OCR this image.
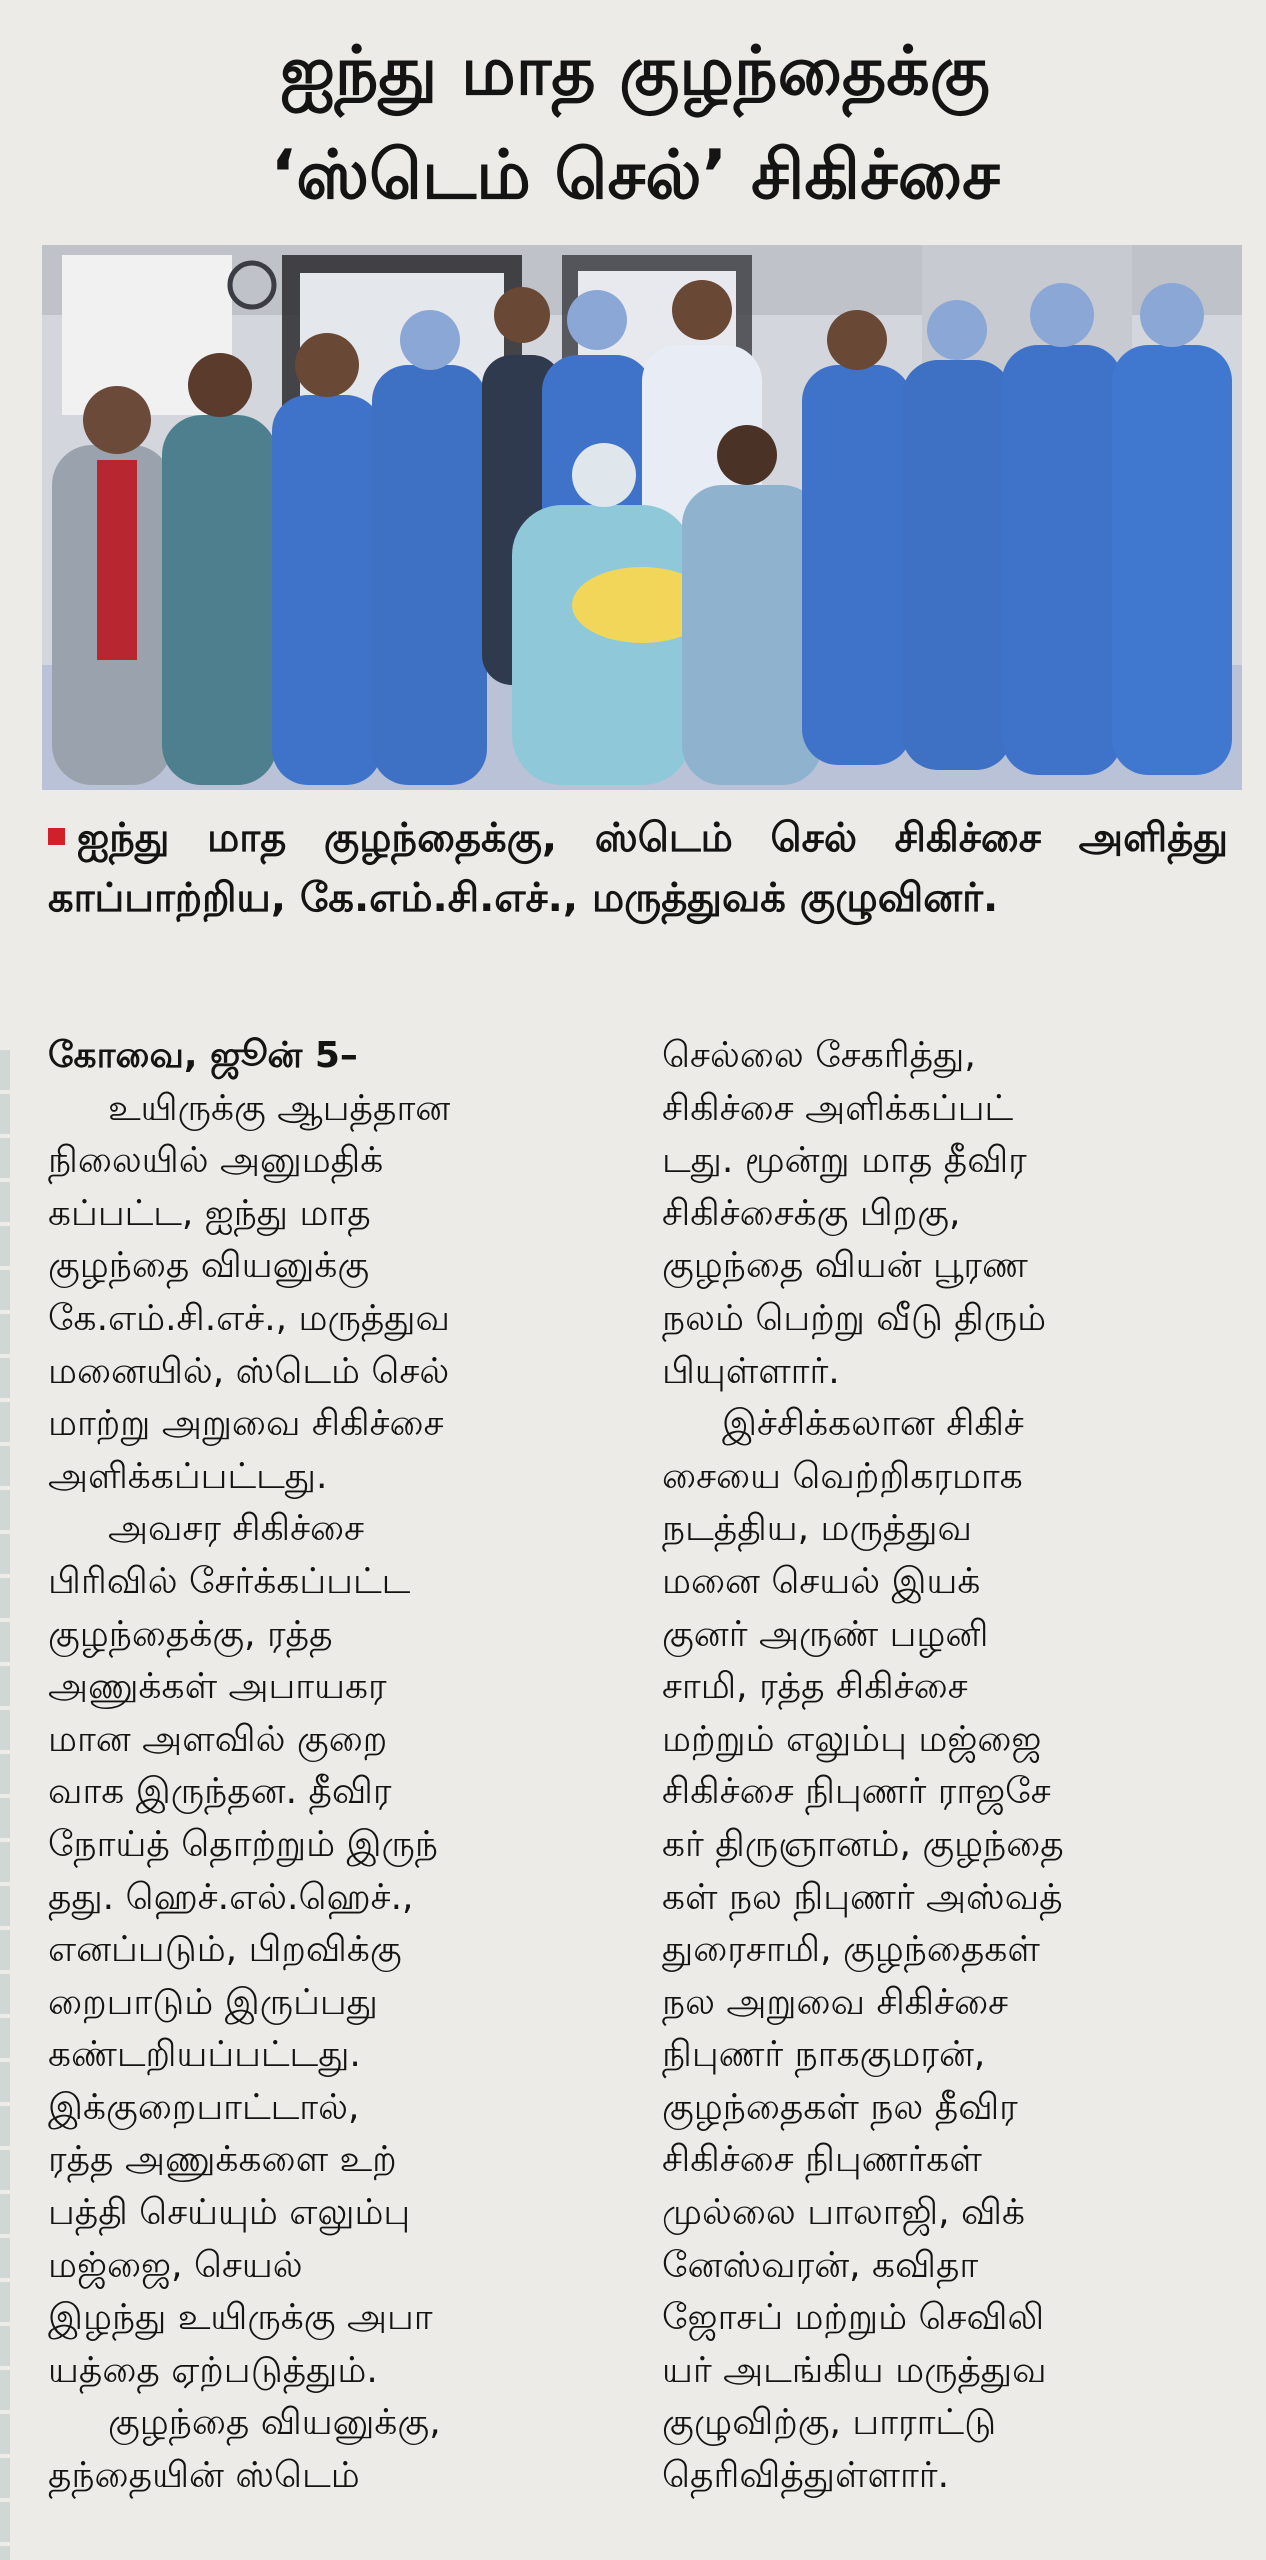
ஐந்து மாத குழந்தைக்கு
‘ஸ்டெம் செல்’ சிகிச்சை
ஐந்து மாத குழந்தைக்கு, ஸ்டெம் செல் சிகிச்சை அளித்து காப்பாற்றிய, கே.எம்.சி.எச்., மருத்துவக் குழுவினர்.
கோவை, ஜூன் 5–
உயிருக்கு ஆபத்தான
நிலையில் அனுமதிக்
கப்பட்ட, ஐந்து மாத
குழந்தை வியனுக்கு
கே.எம்.சி.எச்., மருத்துவ
மனையில், ஸ்டெம் செல்
மாற்று அறுவை சிகிச்சை
அளிக்கப்பட்டது.
அவசர சிகிச்சை
பிரிவில் சேர்க்கப்பட்ட
குழந்தைக்கு, ரத்த
அணுக்கள் அபாயகர
மான அளவில் குறை
வாக இருந்தன. தீவிர
நோய்த் தொற்றும் இருந்
தது. ஹெச்.எல்.ஹெச்.,
எனப்படும், பிறவிக்கு
றைபாடும் இருப்பது
கண்டறியப்பட்டது.
இக்குறைபாட்டால்,
ரத்த அணுக்களை உற்
பத்தி செய்யும் எலும்பு
மஜ்ஜை, செயல்
இழந்து உயிருக்கு அபா
யத்தை ஏற்படுத்தும்.
குழந்தை வியனுக்கு,
தந்தையின் ஸ்டெம்
செல்லை சேகரித்து,
சிகிச்சை அளிக்கப்பட்
டது. மூன்று மாத தீவிர
சிகிச்சைக்கு பிறகு,
குழந்தை வியன் பூரண
நலம் பெற்று வீடு திரும்
பியுள்ளார்.
இச்சிக்கலான சிகிச்
சையை வெற்றிகரமாக
நடத்திய, மருத்துவ
மனை செயல் இயக்
குனர் அருண் பழனி
சாமி, ரத்த சிகிச்சை
மற்றும் எலும்பு மஜ்ஜை
சிகிச்சை நிபுணர் ராஜசே
கர் திருஞானம், குழந்தை
கள் நல நிபுணர் அஸ்வத்
துரைசாமி, குழந்தைகள்
நல அறுவை சிகிச்சை
நிபுணர் நாககுமரன்,
குழந்தைகள் நல தீவிர
சிகிச்சை நிபுணர்கள்
முல்லை பாலாஜி, விக்
னேஸ்வரன், கவிதா
ஜோசப் மற்றும் செவிலி
யர் அடங்கிய மருத்துவ
குழுவிற்கு, பாராட்டு
தெரிவித்துள்ளார்.
